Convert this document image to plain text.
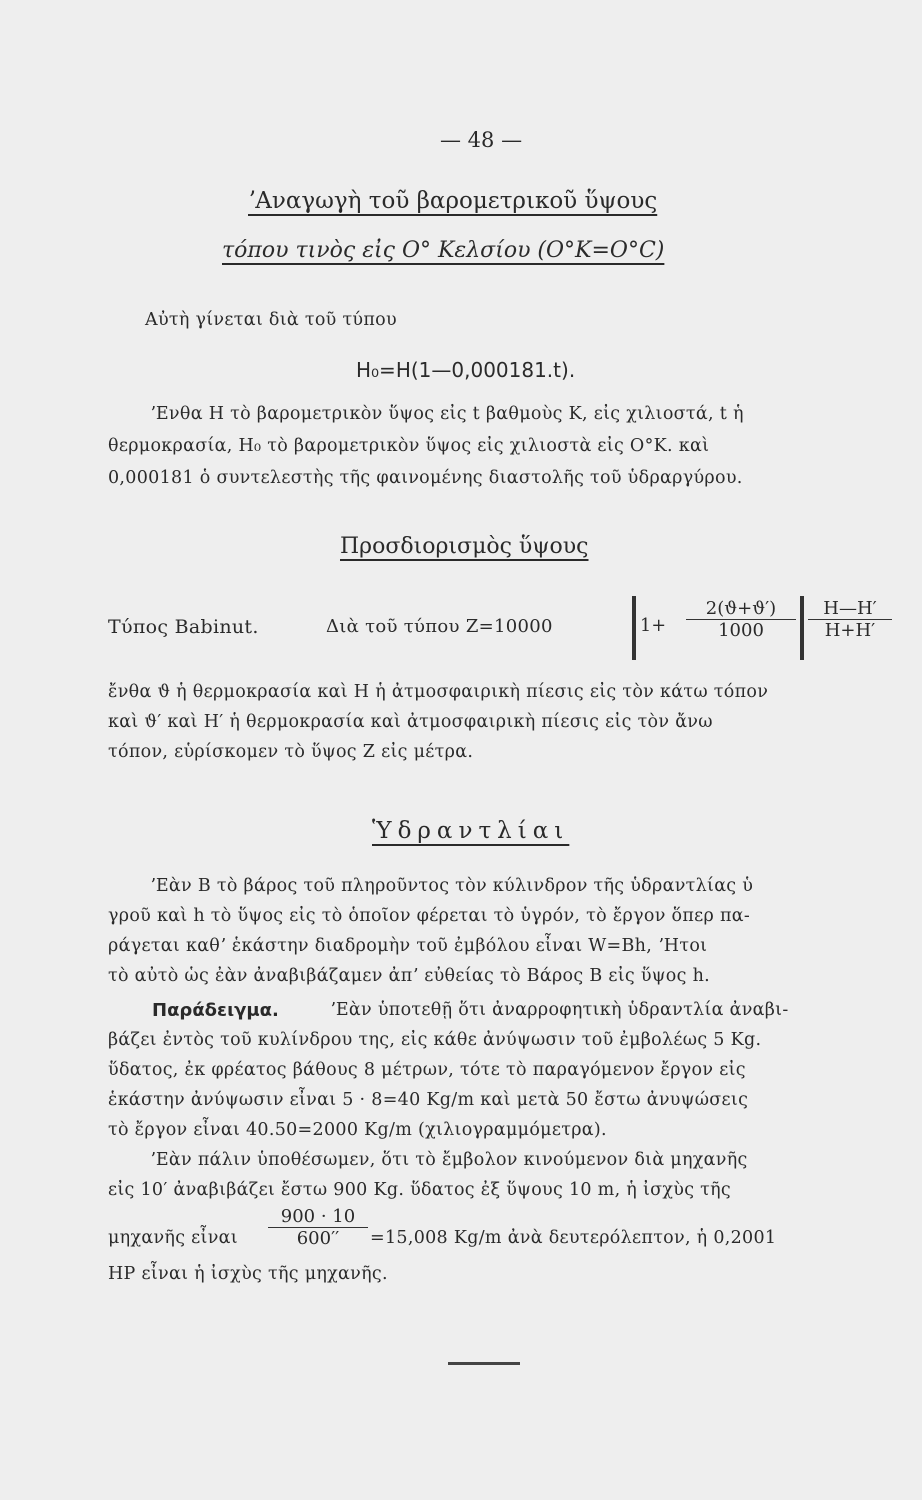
— 48 —
ʼΑναγωγὴ τοῦ βαρομετρικοῦ ὕψους
τόπου τινὸς εἰς O° Κελσίου (O°K=O°C)
Αὐτὴ γίνεται διὰ τοῦ τύπου
H₀=H(1—0,000181.t).
ʼΕνθα H τὸ βαρομετρικὸν ὕψος εἰς t βαθμοὺς K, εἰς χιλιοστά, t ἡ
θερμοκρασία, H₀ τὸ βαρομετρικὸν ὕψος εἰς χιλιοστὰ εἰς O°K. καὶ
0,000181 ὁ συντελεστὴς τῆς φαινομένης διαστολῆς τοῦ ὑδραργύρου.
Προσδιορισμὸς ὕψους
Τύπος Babinut.	Διὰ τοῦ τύπου Z=10000	$1+ \frac{2(ϑ+ϑ')}{1000} \frac{H—H'}{H+H'}$
ἔνθα ϑ ἡ θερμοκρασία καὶ H ἡ ἀτμοσφαιρικὴ πίεσις εἰς τὸν κάτω τόπον
καὶ ϑ′ καὶ H′ ἡ θερμοκρασία καὶ ἀτμοσφαιρικὴ πίεσις εἰς τὸν ἄνω
τόπον, εὑρίσκομεν τὸ ὕψος Z εἰς μέτρα.
Ὑδραντλίαι
ʼΕὰν B τὸ βάρος τοῦ πληροῦντος τὸν κύλινδρον τῆς ὑδραντλίας ὑ
γροῦ καὶ h τὸ ὕψος εἰς τὸ ὁποῖον φέρεται τὸ ὑγρόν, τὸ ἔργον ὅπερ πα-
ράγεται καθʼ ἑκάστην διαδρομὴν τοῦ ἐμβόλου εἶναι W=Bh, ʼΗτοι
τὸ αὐτὸ ὡς ἐὰν ἀναβιβάζαμεν ἀπʼ εὐθείας τὸ Βάρος B εἰς ὕψος h.
Παράδειγμα.	ʼΕὰν ὑποτεθῇ ὅτι ἀναρροφητικὴ ὑδραντλία ἀναβι-
βάζει ἐντὸς τοῦ κυλίνδρου της, εἰς κάθε ἀνύψωσιν τοῦ ἐμβολέως 5 Kg.
ὕδατος, ἐκ φρέατος βάθους 8 μέτρων, τότε τὸ παραγόμενον ἔργον εἰς
ἑκάστην ἀνύψωσιν εἶναι 5 · 8=40 Kg/m καὶ μετὰ 50 ἔστω ἀνυψώσεις
τὸ ἔργον εἶναι 40.50=2000 Kg/m (χιλιογραμμόμετρα).
ʼΕὰν πάλιν ὑποθέσωμεν, ὅτι τὸ ἔμβολον κινούμενον διὰ μηχανῆς
εἰς 10′ ἀναβιβάζει ἔστω 900 Kg. ὕδατος ἐξ ὕψους 10 m, ἡ ἰσχὺς τῆς
μηχανῆς εἶναι $\frac{900 \cdot 10}{600''} =15,008$ Kg/m ἀνὰ δευτερόλεπτον, ἡ 0,2001
HP εἶναι ἡ ἰσχὺς τῆς μηχανῆς.
